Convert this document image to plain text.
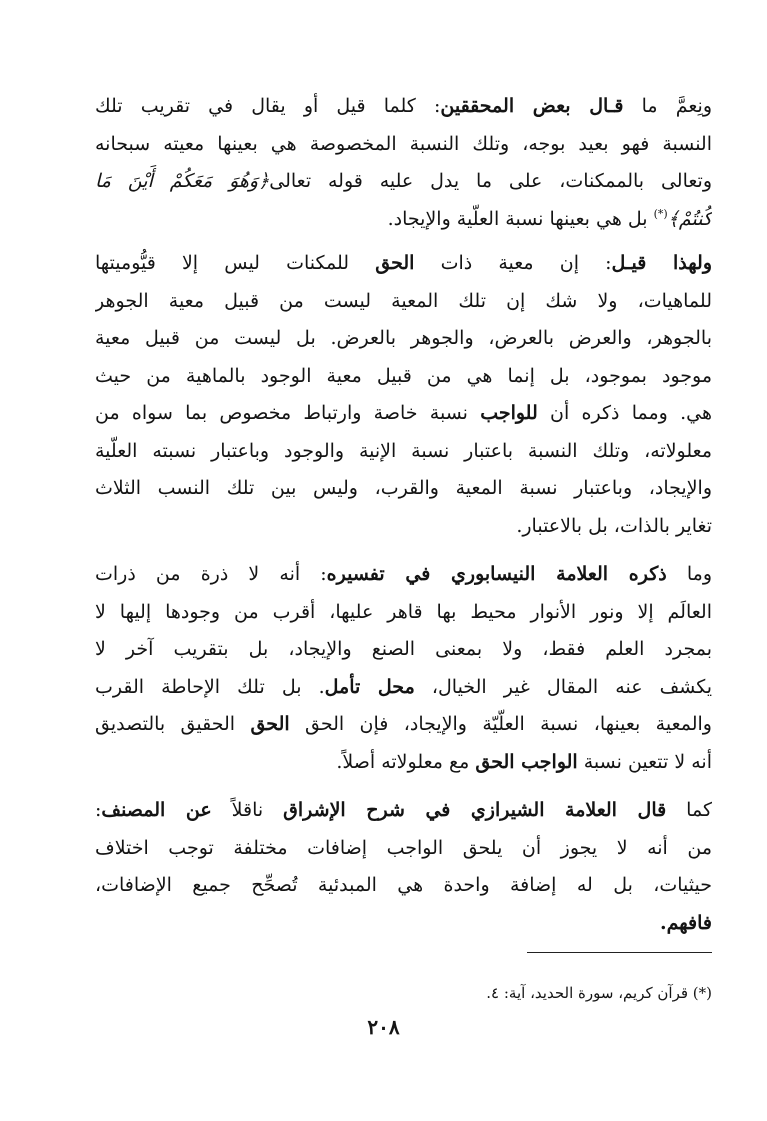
ونِعمَّ ما قـال بعض المحققين: كلما قيل أو يقال في تقريب تلك
النسبة فهو بعيد بوجه، وتلك النسبة المخصوصة هي بعينها معيته سبحانه
وتعالى بالممكنات، على ما يدل عليه قوله تعالى﴿وَهُوَ مَعَكُمْ أَيْنَ مَا
كُنتُمْ﴾(*) بل هي بعينها نسبة العلّية والإيجاد.
ولهذا قيـل: إن معية ذات الحق للمكنات ليس إلا قيُّوميتها
للماهيات، ولا شك إن تلك المعية ليست من قبيل معية الجوهر
بالجوهر، والعرض بالعرض، والجوهر بالعرض. بل ليست من قبيل معية
موجود بموجود، بل إنما هي من قبيل معية الوجود بالماهية من حيث
هي. ومما ذكره أن للواجب نسبة خاصة وارتباط مخصوص بما سواه من
معلولاته، وتلك النسبة باعتبار نسبة الإنية والوجود وباعتبار نسبته العلّية
والإيجاد، وباعتبار نسبة المعية والقرب، وليس بين تلك النسب الثلاث
تغاير بالذات، بل بالاعتبار.
وما ذكره العلامة النيسابوري في تفسيره: أنه لا ذرة من ذرات
العالَم إلا ونور الأنوار محيط بها قاهر عليها، أقرب من وجودها إليها لا
بمجرد العلم فقط، ولا بمعنى الصنع والإيجاد، بل بتقريب آخر لا
يكشف عنه المقال غير الخيال، محل تأمل. بل تلك الإحاطة القرب
والمعية بعينها، نسبة العلّيّة والإيجاد، فإن الحق الحق الحقيق بالتصديق
أنه لا تتعين نسبة الواجب الحق مع معلولاته أصلاً.
كما قال العلامة الشيرازي في شرح الإشراق ناقلاً عن المصنف:
من أنه لا يجوز أن يلحق الواجب إضافات مختلفة توجب اختلاف
حيثيات، بل له إضافة واحدة هي المبدئية تُصحِّح جميع الإضافات،
فافهم.
(*) قرآن كريم، سورة الحديد، آية: ٤.
٢٠٨
